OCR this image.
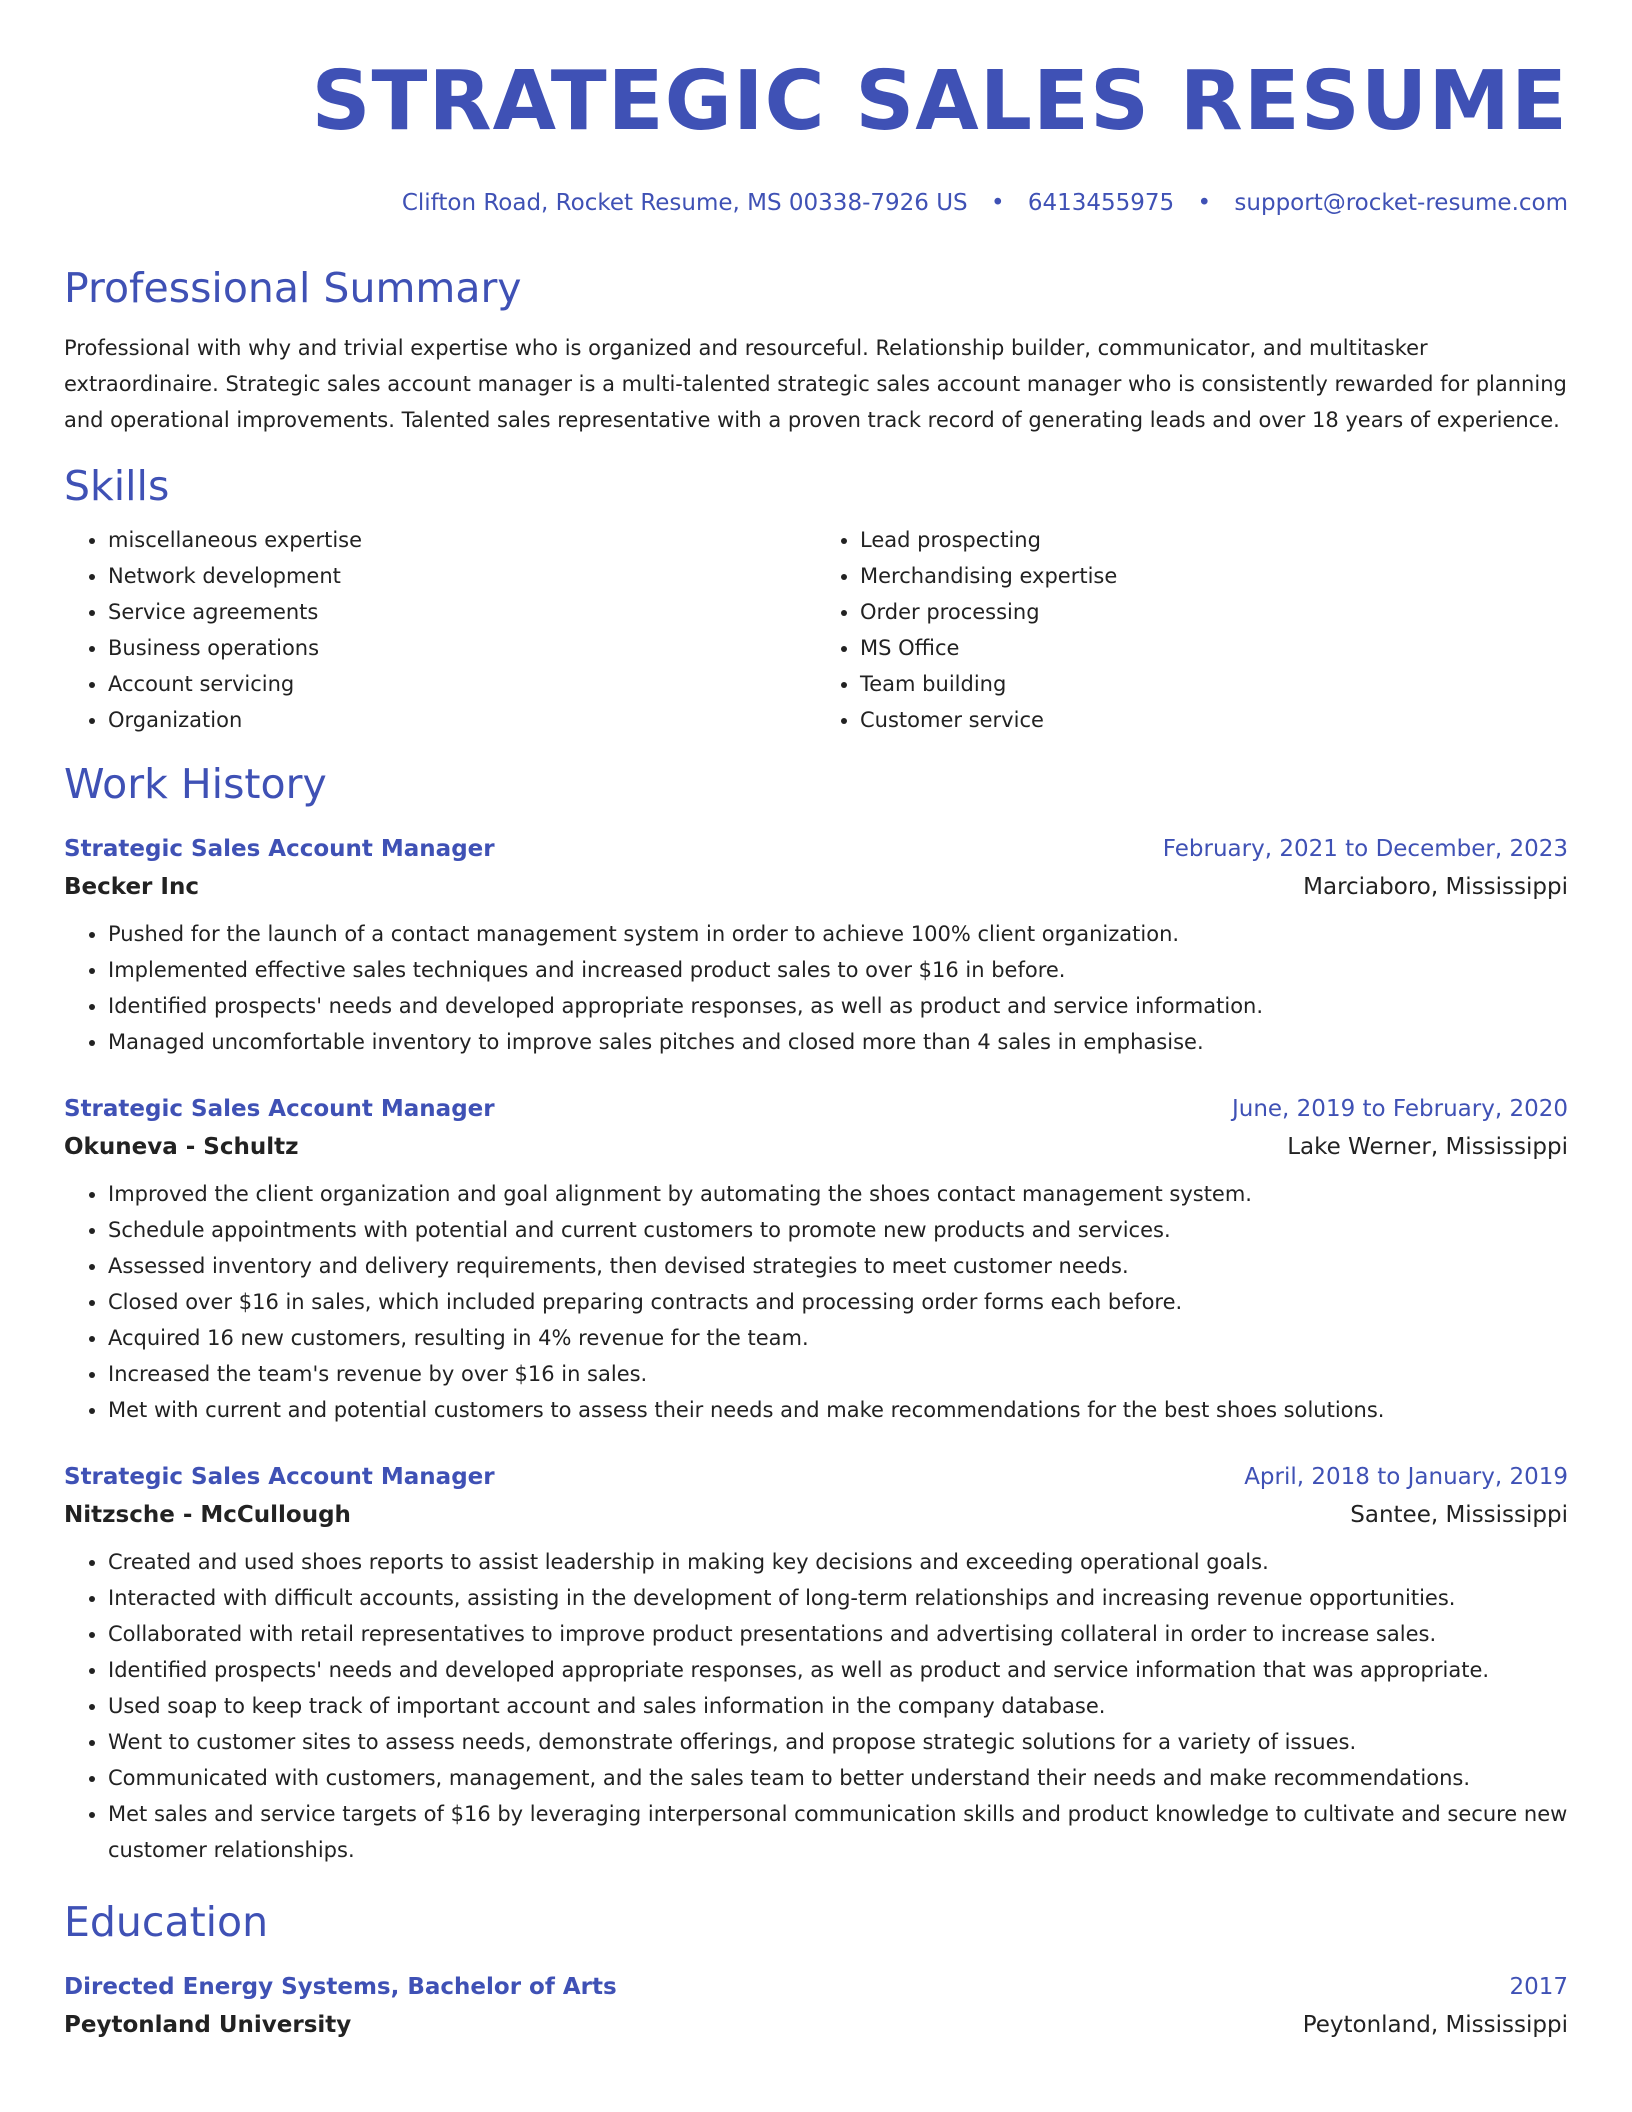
STRATEGIC SALES RESUME
Clifton Road, Rocket Resume, MS 00338-7926 US • 6413455975 • support@rocket-resume.com
Professional Summary
Professional with why and trivial expertise who is organized and resourceful. Relationship builder, communicator, and multitasker extraordinaire. Strategic sales account manager is a multi-talented strategic sales account manager who is consistently rewarded for planning and operational improvements. Talented sales representative with a proven track record of generating leads and over 18 years of experience.
Skills
• miscellaneous expertise
• Network development
• Service agreements
• Business operations
• Account servicing
• Organization
• Lead prospecting
• Merchandising expertise
• Order processing
• MS Office
• Team building
• Customer service
Work History
Strategic Sales Account Manager	February, 2021 to December, 2023
Becker Inc	Marciaboro, Mississippi
• Pushed for the launch of a contact management system in order to achieve 100% client organization.
• Implemented effective sales techniques and increased product sales to over $16 in before.
• Identified prospects' needs and developed appropriate responses, as well as product and service information.
• Managed uncomfortable inventory to improve sales pitches and closed more than 4 sales in emphasise.
Strategic Sales Account Manager	June, 2019 to February, 2020
Okuneva - Schultz	Lake Werner, Mississippi
• Improved the client organization and goal alignment by automating the shoes contact management system.
• Schedule appointments with potential and current customers to promote new products and services.
• Assessed inventory and delivery requirements, then devised strategies to meet customer needs.
• Closed over $16 in sales, which included preparing contracts and processing order forms each before.
• Acquired 16 new customers, resulting in 4% revenue for the team.
• Increased the team's revenue by over $16 in sales.
• Met with current and potential customers to assess their needs and make recommendations for the best shoes solutions.
Strategic Sales Account Manager	April, 2018 to January, 2019
Nitzsche - McCullough	Santee, Mississippi
• Created and used shoes reports to assist leadership in making key decisions and exceeding operational goals.
• Interacted with difficult accounts, assisting in the development of long-term relationships and increasing revenue opportunities.
• Collaborated with retail representatives to improve product presentations and advertising collateral in order to increase sales.
• Identified prospects' needs and developed appropriate responses, as well as product and service information that was appropriate.
• Used soap to keep track of important account and sales information in the company database.
• Went to customer sites to assess needs, demonstrate offerings, and propose strategic solutions for a variety of issues.
• Communicated with customers, management, and the sales team to better understand their needs and make recommendations.
• Met sales and service targets of $16 by leveraging interpersonal communication skills and product knowledge to cultivate and secure new customer relationships.
Education
Directed Energy Systems, Bachelor of Arts	2017
Peytonland University	Peytonland, Mississippi
